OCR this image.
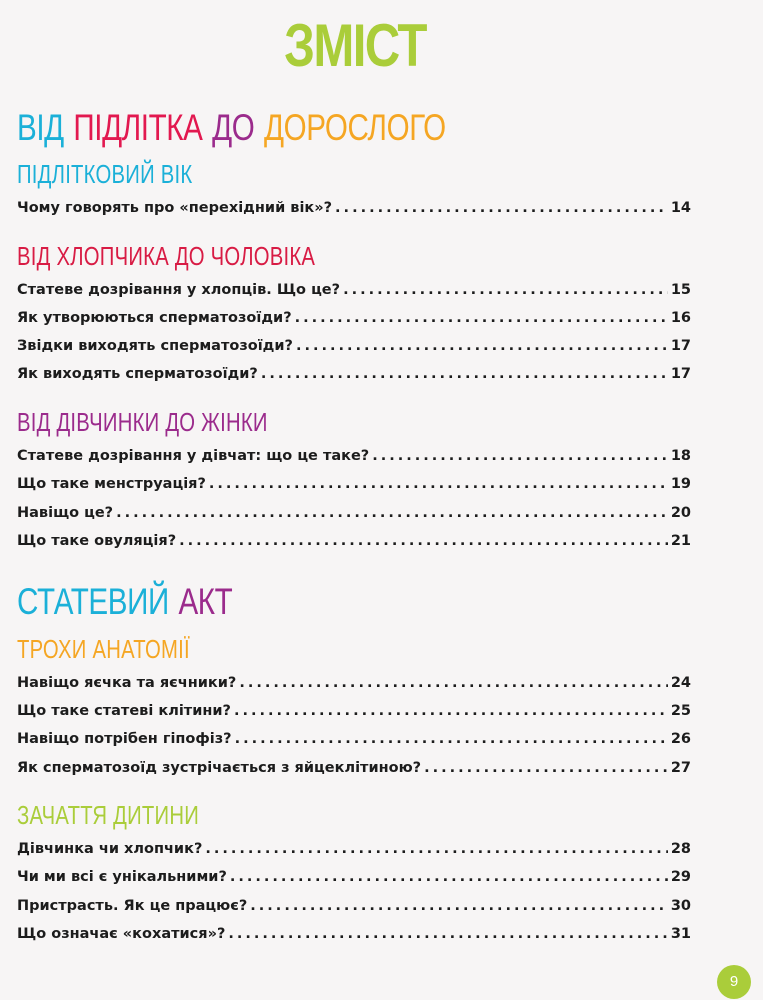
ЗМІСТ
ВІД ПІДЛІТКА ДО ДОРОСЛОГО
СТАТЕВИЙ АКТ
ПІДЛІТКОВИЙ ВІК
Чому говорять про «перехідний вік»? .....	14
ВІД ХЛОПЧИКА ДО ЧОЛОВІКА
Статеве дозрівання у хлопців. Що це? .....	15
Як утворюються сперматозоїди? .....	16
Звідки виходять сперматозоїди? .....	17
Як виходять сперматозоїди? .....	17
ВІД ДІВЧИНКИ ДО ЖІНКИ
Статеве дозрівання у дівчат: що це таке? .....	18
Що таке менструація? .....	19
Навіщо це? .....	20
Що таке овуляція? .....	21
ТРОХИ АНАТОМІЇ
Навіщо яєчка та яєчники? .....	24
Що таке статеві клітини? .....	25
Навіщо потрібен гіпофіз? .....	26
Як сперматозоїд зустрічається з яйцеклітиною? .....	27
ЗАЧАТТЯ ДИТИНИ
Дівчинка чи хлопчик? .....	28
Чи ми всі є унікальними? .....	29
Пристрасть. Як це працює? .....	30
Що означає «кохатися»? .....	31
9
